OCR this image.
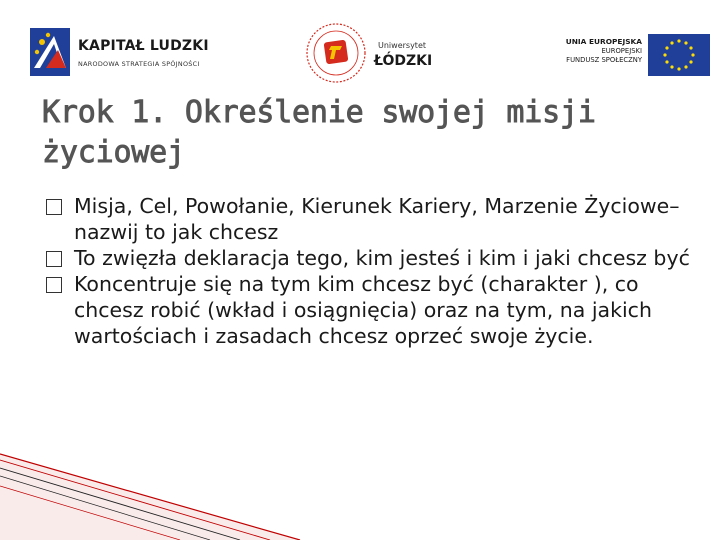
KAPITAŁ LUDZKI
NARODOWA STRATEGIA SPÓJNOŚCI
Uniwersytet
ŁÓDZKI
UNIA EUROPEJSKA
EUROPEJSKI
FUNDUSZ SPOŁECZNY
Krok 1. Określenie swojej misji życiowej
Misja, Cel, Powołanie, Kierunek Kariery, Marzenie Życiowe– nazwij to jak chcesz
To zwięzła deklaracja tego, kim jesteś i kim i jaki chcesz być
Koncentruje się na tym kim chcesz być (charakter ), co chcesz robić (wkład i osiągnięcia) oraz na tym, na jakich wartościach i zasadach chcesz oprzeć swoje życie.
